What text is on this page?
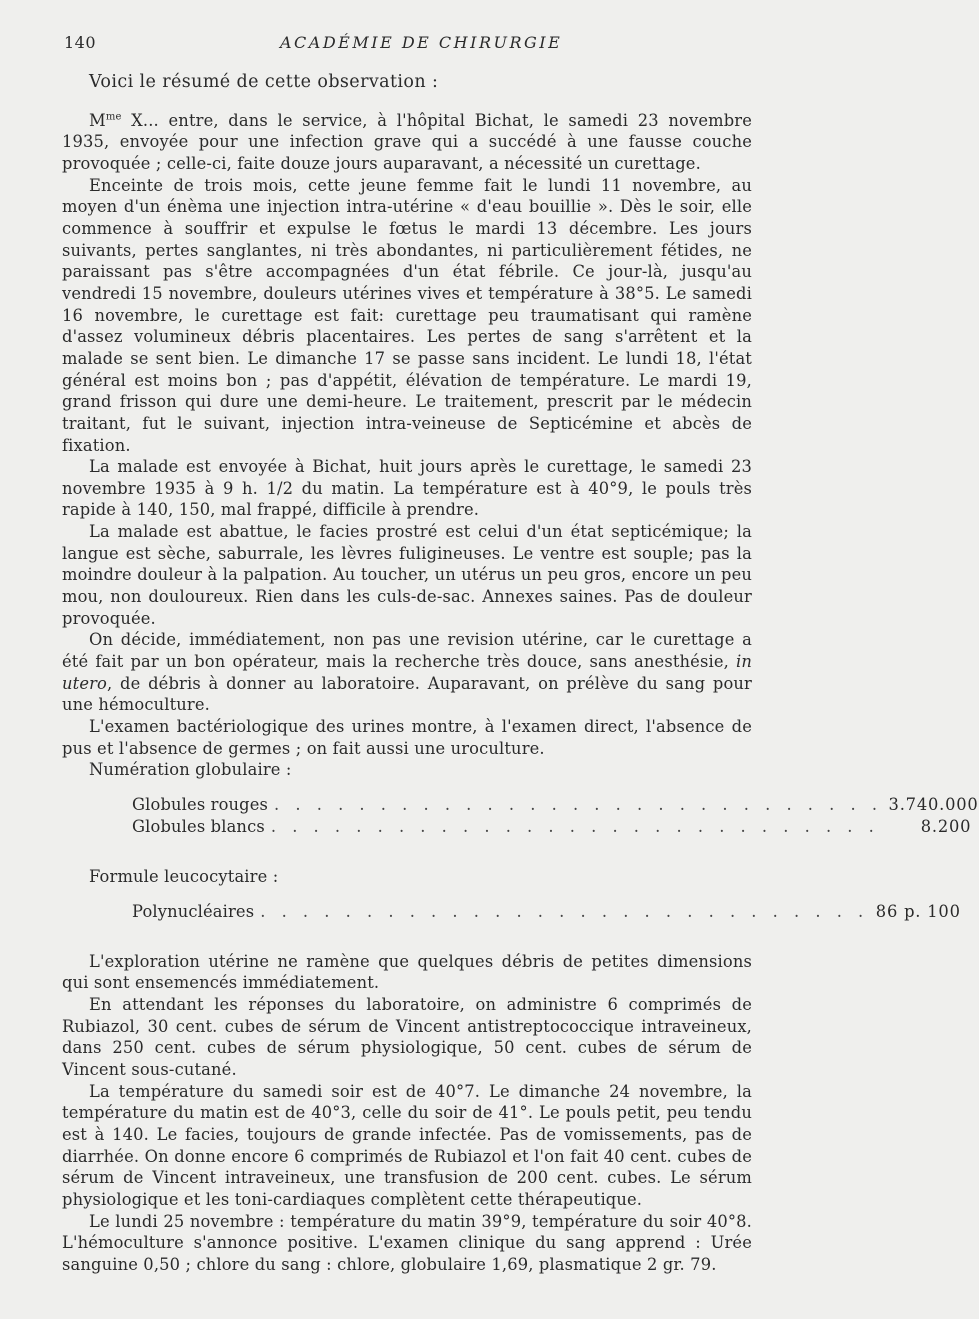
140	ACADÉMIE DE CHIRURGIE

Voici le résumé de cette observation :

$M^{me}$ X... entre, dans le service, à l'hôpital Bichat, le samedi 23 novembre 1935, envoyée pour une infection grave qui a succédé à une fausse couche provoquée ; celle-ci, faite douze jours auparavant, a nécessité un curettage.

Enceinte de trois mois, cette jeune femme fait le lundi 11 novembre, au moyen d'un énèma une injection intra-utérine « d'eau bouillie ». Dès le soir, elle commence à souffrir et expulse le fœtus le mardi 13 décembre. Les jours suivants, pertes sanglantes, ni très abondantes, ni particulièrement fétides, ne paraissant pas s'être accompagnées d'un état fébrile. Ce jour-là, jusqu'au vendredi 15 novembre, douleurs utérines vives et température à 38°5. Le samedi 16 novembre, le curettage est fait: curettage peu traumatisant qui ramène d'assez volumineux débris placentaires. Les pertes de sang s'arrêtent et la malade se sent bien. Le dimanche 17 se passe sans incident. Le lundi 18, l'état général est moins bon ; pas d'appétit, élévation de température. Le mardi 19, grand frisson qui dure une demi-heure. Le traitement, prescrit par le médecin traitant, fut le suivant, injection intra-veineuse de Septicémine et abcès de fixation.

La malade est envoyée à Bichat, huit jours après le curettage, le samedi 23 novembre 1935 à 9 h. 1/2 du matin. La température est à 40°9, le pouls très rapide à 140, 150, mal frappé, difficile à prendre.

La malade est abattue, le facies prostré est celui d'un état septicémique; la langue est sèche, saburrale, les lèvres fuligineuses. Le ventre est souple; pas la moindre douleur à la palpation. Au toucher, un utérus un peu gros, encore un peu mou, non douloureux. Rien dans les culs-de-sac. Annexes saines. Pas de douleur provoquée.

On décide, immédiatement, non pas une revision utérine, car le curettage a été fait par un bon opérateur, mais la recherche très douce, sans anesthésie, in utero, de débris à donner au laboratoire. Auparavant, on prélève du sang pour une hémoculture.

L'examen bactériologique des urines montre, à l'examen direct, l'absence de pus et l'absence de germes ; on fait aussi une uroculture.

Numération globulaire :

Globules rouges . . . . . . . . . . . . . . . . . . . . . . . . . . . . . 3.740.000
Globules blancs . . . . . . . . . . . . . . . . . . . . . . . . . . . . .	8.200

Formule leucocytaire :

Polynucléaires . . . . . . . . . . . . . . . . . . . . . . . . . . . . . 86 p. 100

L'exploration utérine ne ramène que quelques débris de petites dimensions qui sont ensemencés immédiatement.

En attendant les réponses du laboratoire, on administre 6 comprimés de Rubiazol, 30 cent. cubes de sérum de Vincent antistreptococcique intraveineux, dans 250 cent. cubes de sérum physiologique, 50 cent. cubes de sérum de Vincent sous-cutané.

La température du samedi soir est de 40°7. Le dimanche 24 novembre, la température du matin est de 40°3, celle du soir de 41°. Le pouls petit, peu tendu est à 140. Le facies, toujours de grande infectée. Pas de vomissements, pas de diarrhée. On donne encore 6 comprimés de Rubiazol et l'on fait 40 cent. cubes de sérum de Vincent intraveineux, une transfusion de 200 cent. cubes. Le sérum physiologique et les toni-cardiaques complètent cette thérapeutique.

Le lundi 25 novembre : température du matin 39°9, température du soir 40°8. L'hémoculture s'annonce positive. L'examen clinique du sang apprend : Urée sanguine 0,50 ; chlore du sang : chlore, globulaire 1,69, plasmatique 2 gr. 79.
